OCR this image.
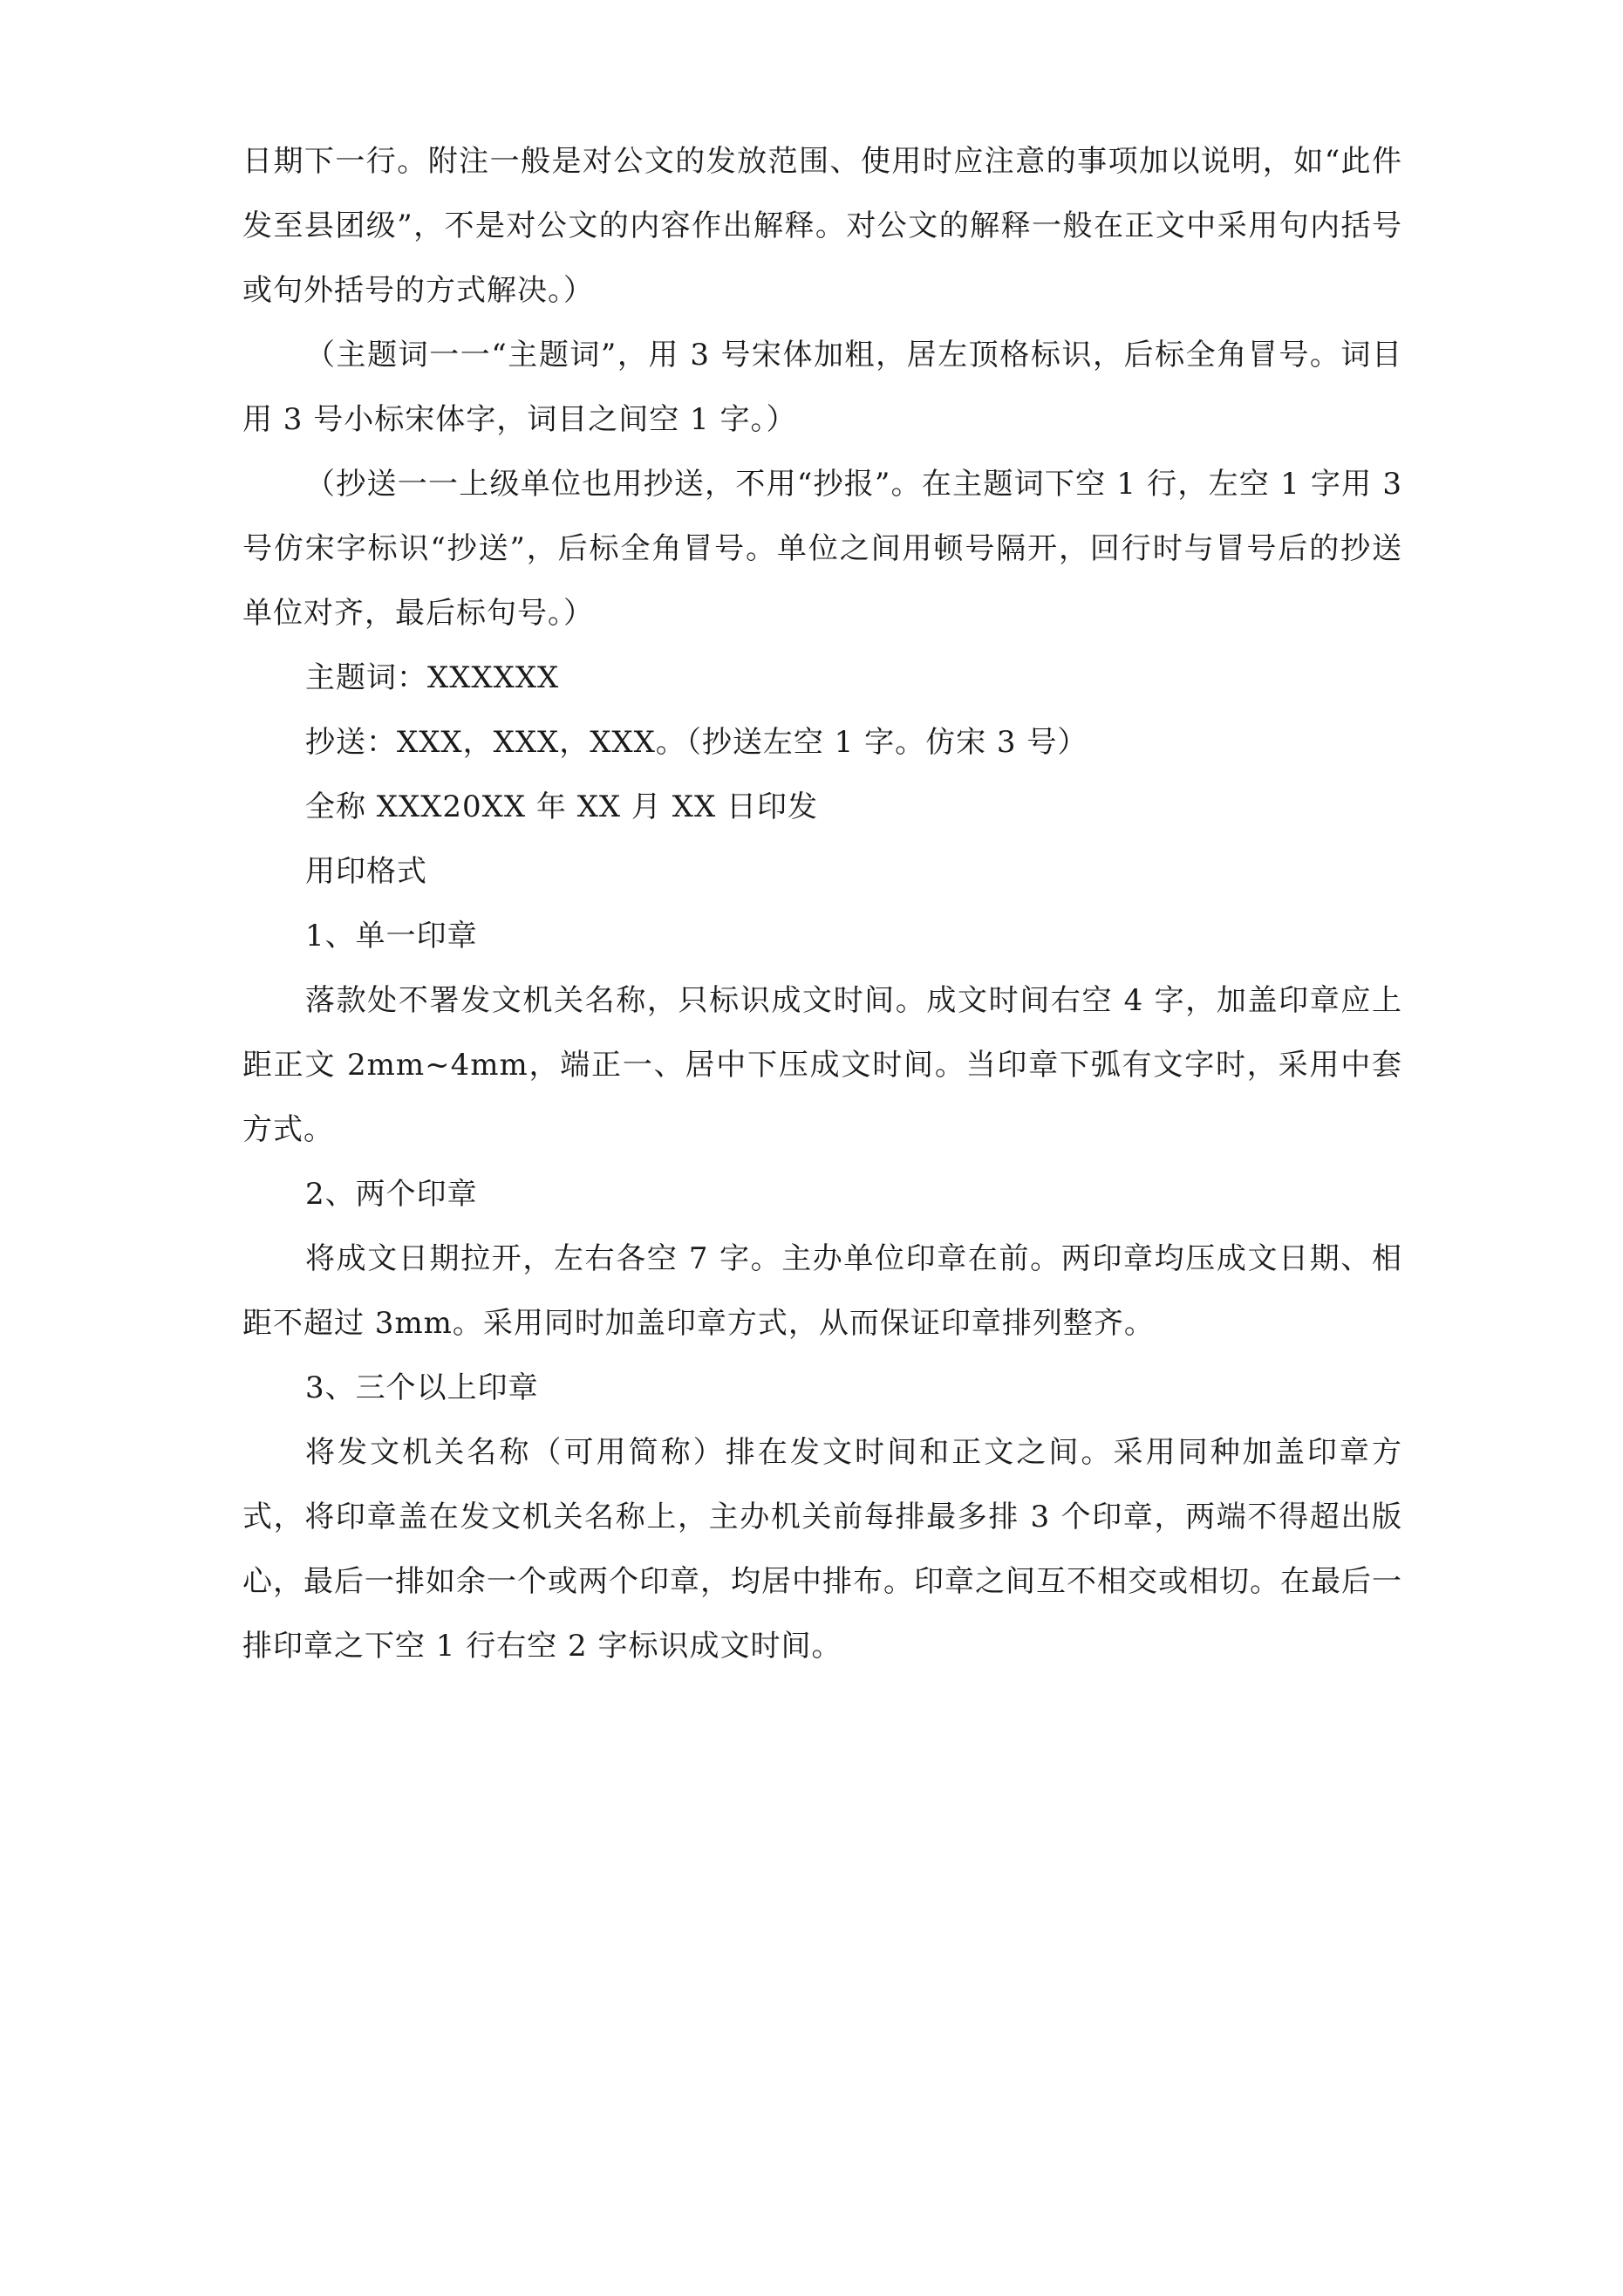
日期下一行。附注一般是对公文的发放范围、使用时应注意的事项加以说明，如“此件发至县团级”，不是对公文的内容作出解释。对公文的解释一般在正文中采用句内括号或句外括号的方式解决。）

（主题词一一“主题词”，用 3 号宋体加粗，居左顶格标识，后标全角冒号。词目用 3 号小标宋体字，词目之间空 1 字。）

（抄送一一上级单位也用抄送，不用“抄报”。在主题词下空 1 行，左空 1 字用 3 号仿宋字标识“抄送”，后标全角冒号。单位之间用顿号隔开，回行时与冒号后的抄送单位对齐，最后标句号。）

主题词：XXXXXX

抄送：XXX，XXX，XXX。（抄送左空 1 字。仿宋 3 号）

全称 XXX20XX 年 XX 月 XX 日印发

用印格式

1、单一印章

落款处不署发文机关名称，只标识成文时间。成文时间右空 4 字，加盖印章应上距正文 2mm~4mm，端正一、居中下压成文时间。当印章下弧有文字时，采用中套方式。

2、两个印章

将成文日期拉开，左右各空 7 字。主办单位印章在前。两印章均压成文日期、相距不超过 3mm。采用同时加盖印章方式，从而保证印章排列整齐。

3、三个以上印章

将发文机关名称（可用简称）排在发文时间和正文之间。采用同种加盖印章方式，将印章盖在发文机关名称上，主办机关前每排最多排 3 个印章，两端不得超出版心，最后一排如余一个或两个印章，均居中排布。印章之间互不相交或相切。在最后一排印章之下空 1 行右空 2 字标识成文时间。
